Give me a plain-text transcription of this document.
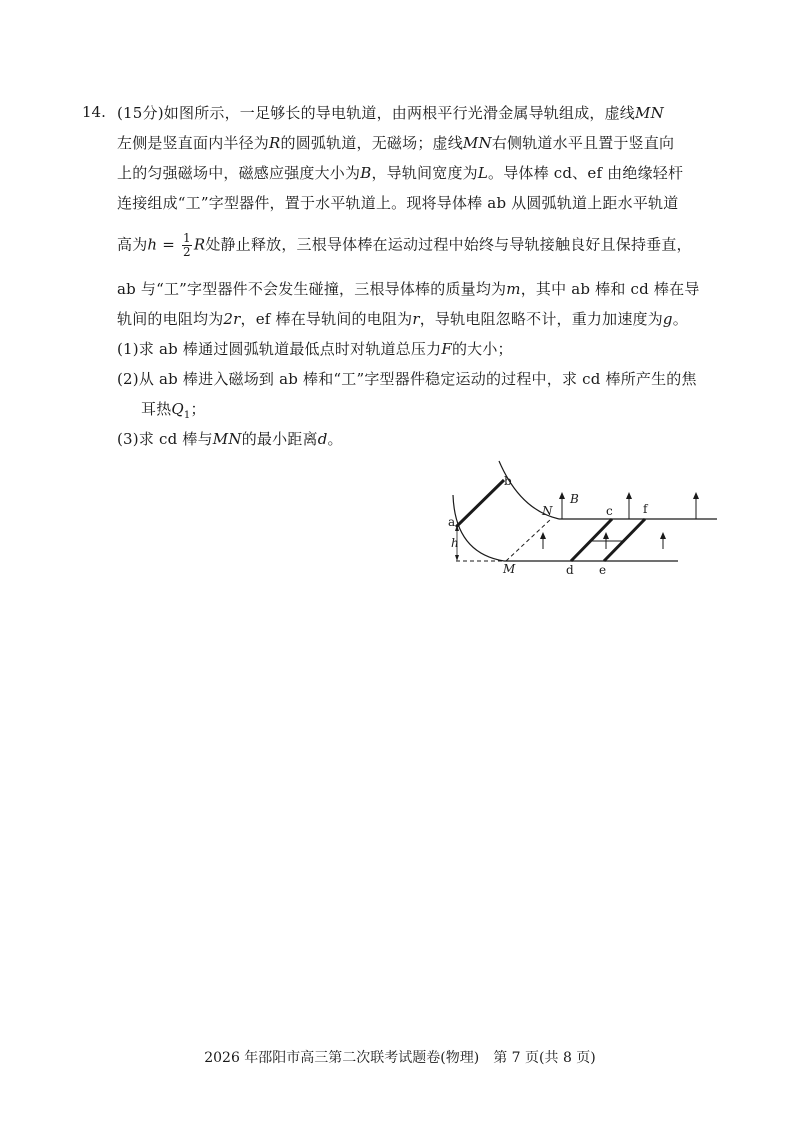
14. (15分)如图所示，一足够长的导电轨道，由两根平行光滑金属导轨组成，虚线MN
左侧是竖直面内半径为R的圆弧轨道，无磁场；虚线MN右侧轨道水平且置于竖直向
上的匀强磁场中，磁感应强度大小为B，导轨间宽度为L。导体棒 cd、ef 由绝缘轻杆
连接组成“工”字型器件，置于水平轨道上。现将导体棒 ab 从圆弧轨道上距水平轨道
高为$h = \frac{1}{2}$ R处静止释放，三根导体棒在运动过程中始终与导轨接触良好且保持垂直，
ab 与“工”字型器件不会发生碰撞，三根导体棒的质量均为m，其中 ab 棒和 cd 棒在导
轨间的电阻均为2r，ef 棒在导轨间的电阻为r，导轨电阻忽略不计，重力加速度为g。
(1)求 ab 棒通过圆弧轨道最低点时对轨道总压力F的大小；
(2)从 ab 棒进入磁场到 ab 棒和“工”字型器件稳定运动的过程中，求 cd 棒所产生的焦
耳热$Q_1$；
(3)求 cd 棒与MN的最小距离d。
a
b
h
N
M
B
c
d e
f
2026 年邵阳市高三第二次联考试题卷(物理)　第 7 页(共 8 页)
